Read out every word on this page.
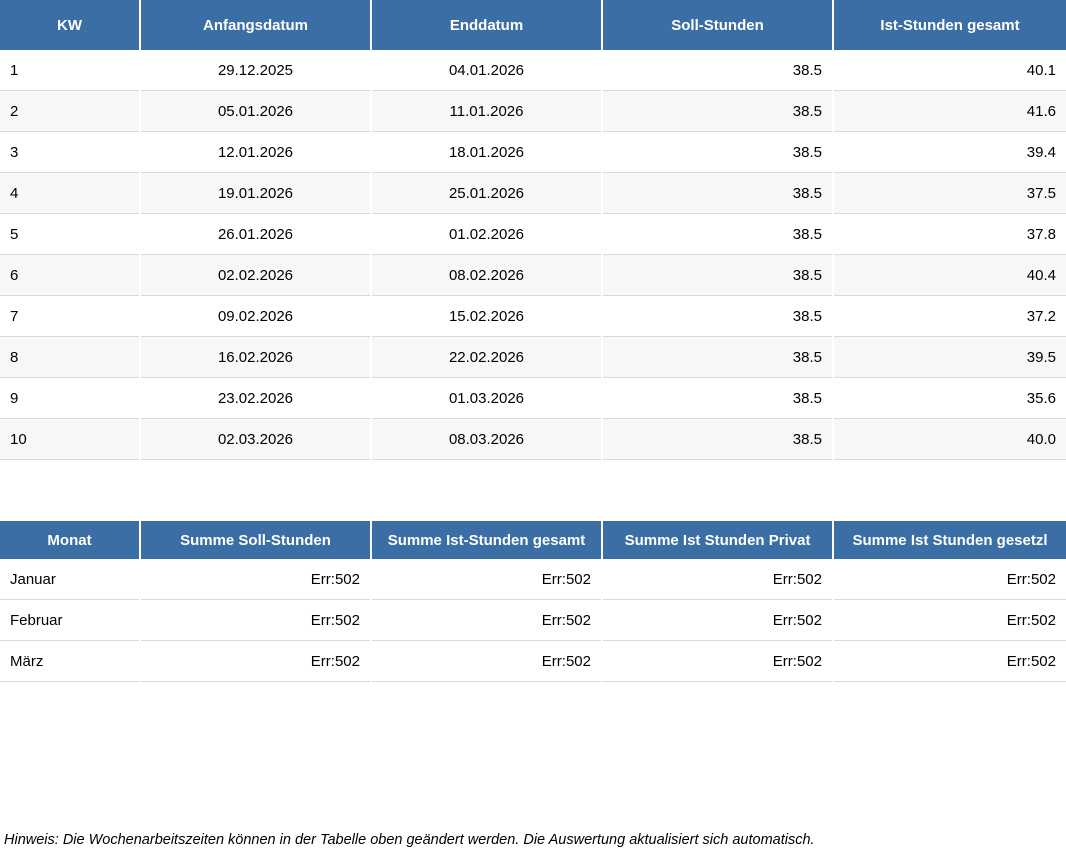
KW	Anfangsdatum	Enddatum	Soll-Stunden	Ist-Stunden gesamt
1	29.12.2025	04.01.2026	38.5	40.1
2	05.01.2026	11.01.2026	38.5	41.6
3	12.01.2026	18.01.2026	38.5	39.4
4	19.01.2026	25.01.2026	38.5	37.5
5	26.01.2026	01.02.2026	38.5	37.8
6	02.02.2026	08.02.2026	38.5	40.4
7	09.02.2026	15.02.2026	38.5	37.2
8	16.02.2026	22.02.2026	38.5	39.5
9	23.02.2026	01.03.2026	38.5	35.6
10	02.03.2026	08.03.2026	38.5	40.0
Monat	Summe Soll-Stunden	Summe Ist-Stunden gesamt	Summe Ist Stunden Privat	Summe Ist Stunden gesetzl
Januar	Err:502	Err:502	Err:502	Err:502
Februar	Err:502	Err:502	Err:502	Err:502
März	Err:502	Err:502	Err:502	Err:502
Hinweis: Die Wochenarbeitszeiten können in der Tabelle oben geändert werden. Die Auswertung aktualisiert sich automatisch.
